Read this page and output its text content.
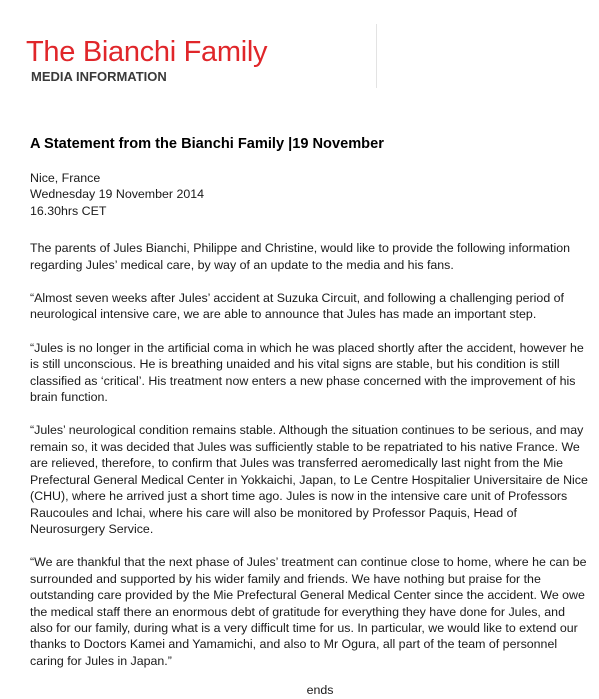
The Bianchi Family
MEDIA INFORMATION
A Statement from the Bianchi Family |19 November
Nice, France
Wednesday 19 November 2014
16.30hrs CET

The parents of Jules Bianchi, Philippe and Christine, would like to provide the following information regarding Jules’ medical care, by way of an update to the media and his fans.

“Almost seven weeks after Jules’ accident at Suzuka Circuit, and following a challenging period of neurological intensive care, we are able to announce that Jules has made an important step.

“Jules is no longer in the artificial coma in which he was placed shortly after the accident, however he is still unconscious. He is breathing unaided and his vital signs are stable, but his condition is still classified as ‘critical’. His treatment now enters a new phase concerned with the improvement of his brain function.

“Jules’ neurological condition remains stable. Although the situation continues to be serious, and may remain so, it was decided that Jules was sufficiently stable to be repatriated to his native France. We are relieved, therefore, to confirm that Jules was transferred aeromedically last night from the Mie Prefectural General Medical Center in Yokkaichi, Japan, to Le Centre Hospitalier Universitaire de Nice (CHU), where he arrived just a short time ago. Jules is now in the intensive care unit of Professors Raucoules and Ichai, where his care will also be monitored by Professor Paquis, Head of Neurosurgery Service.

“We are thankful that the next phase of Jules’ treatment can continue close to home, where he can be surrounded and supported by his wider family and friends. We have nothing but praise for the outstanding care provided by the Mie Prefectural General Medical Center since the accident. We owe the medical staff there an enormous debt of gratitude for everything they have done for Jules, and also for our family, during what is a very difficult time for us. In particular, we would like to extend our thanks to Doctors Kamei and Yamamichi, and also to Mr Ogura, all part of the team of personnel caring for Jules in Japan.”

ends
